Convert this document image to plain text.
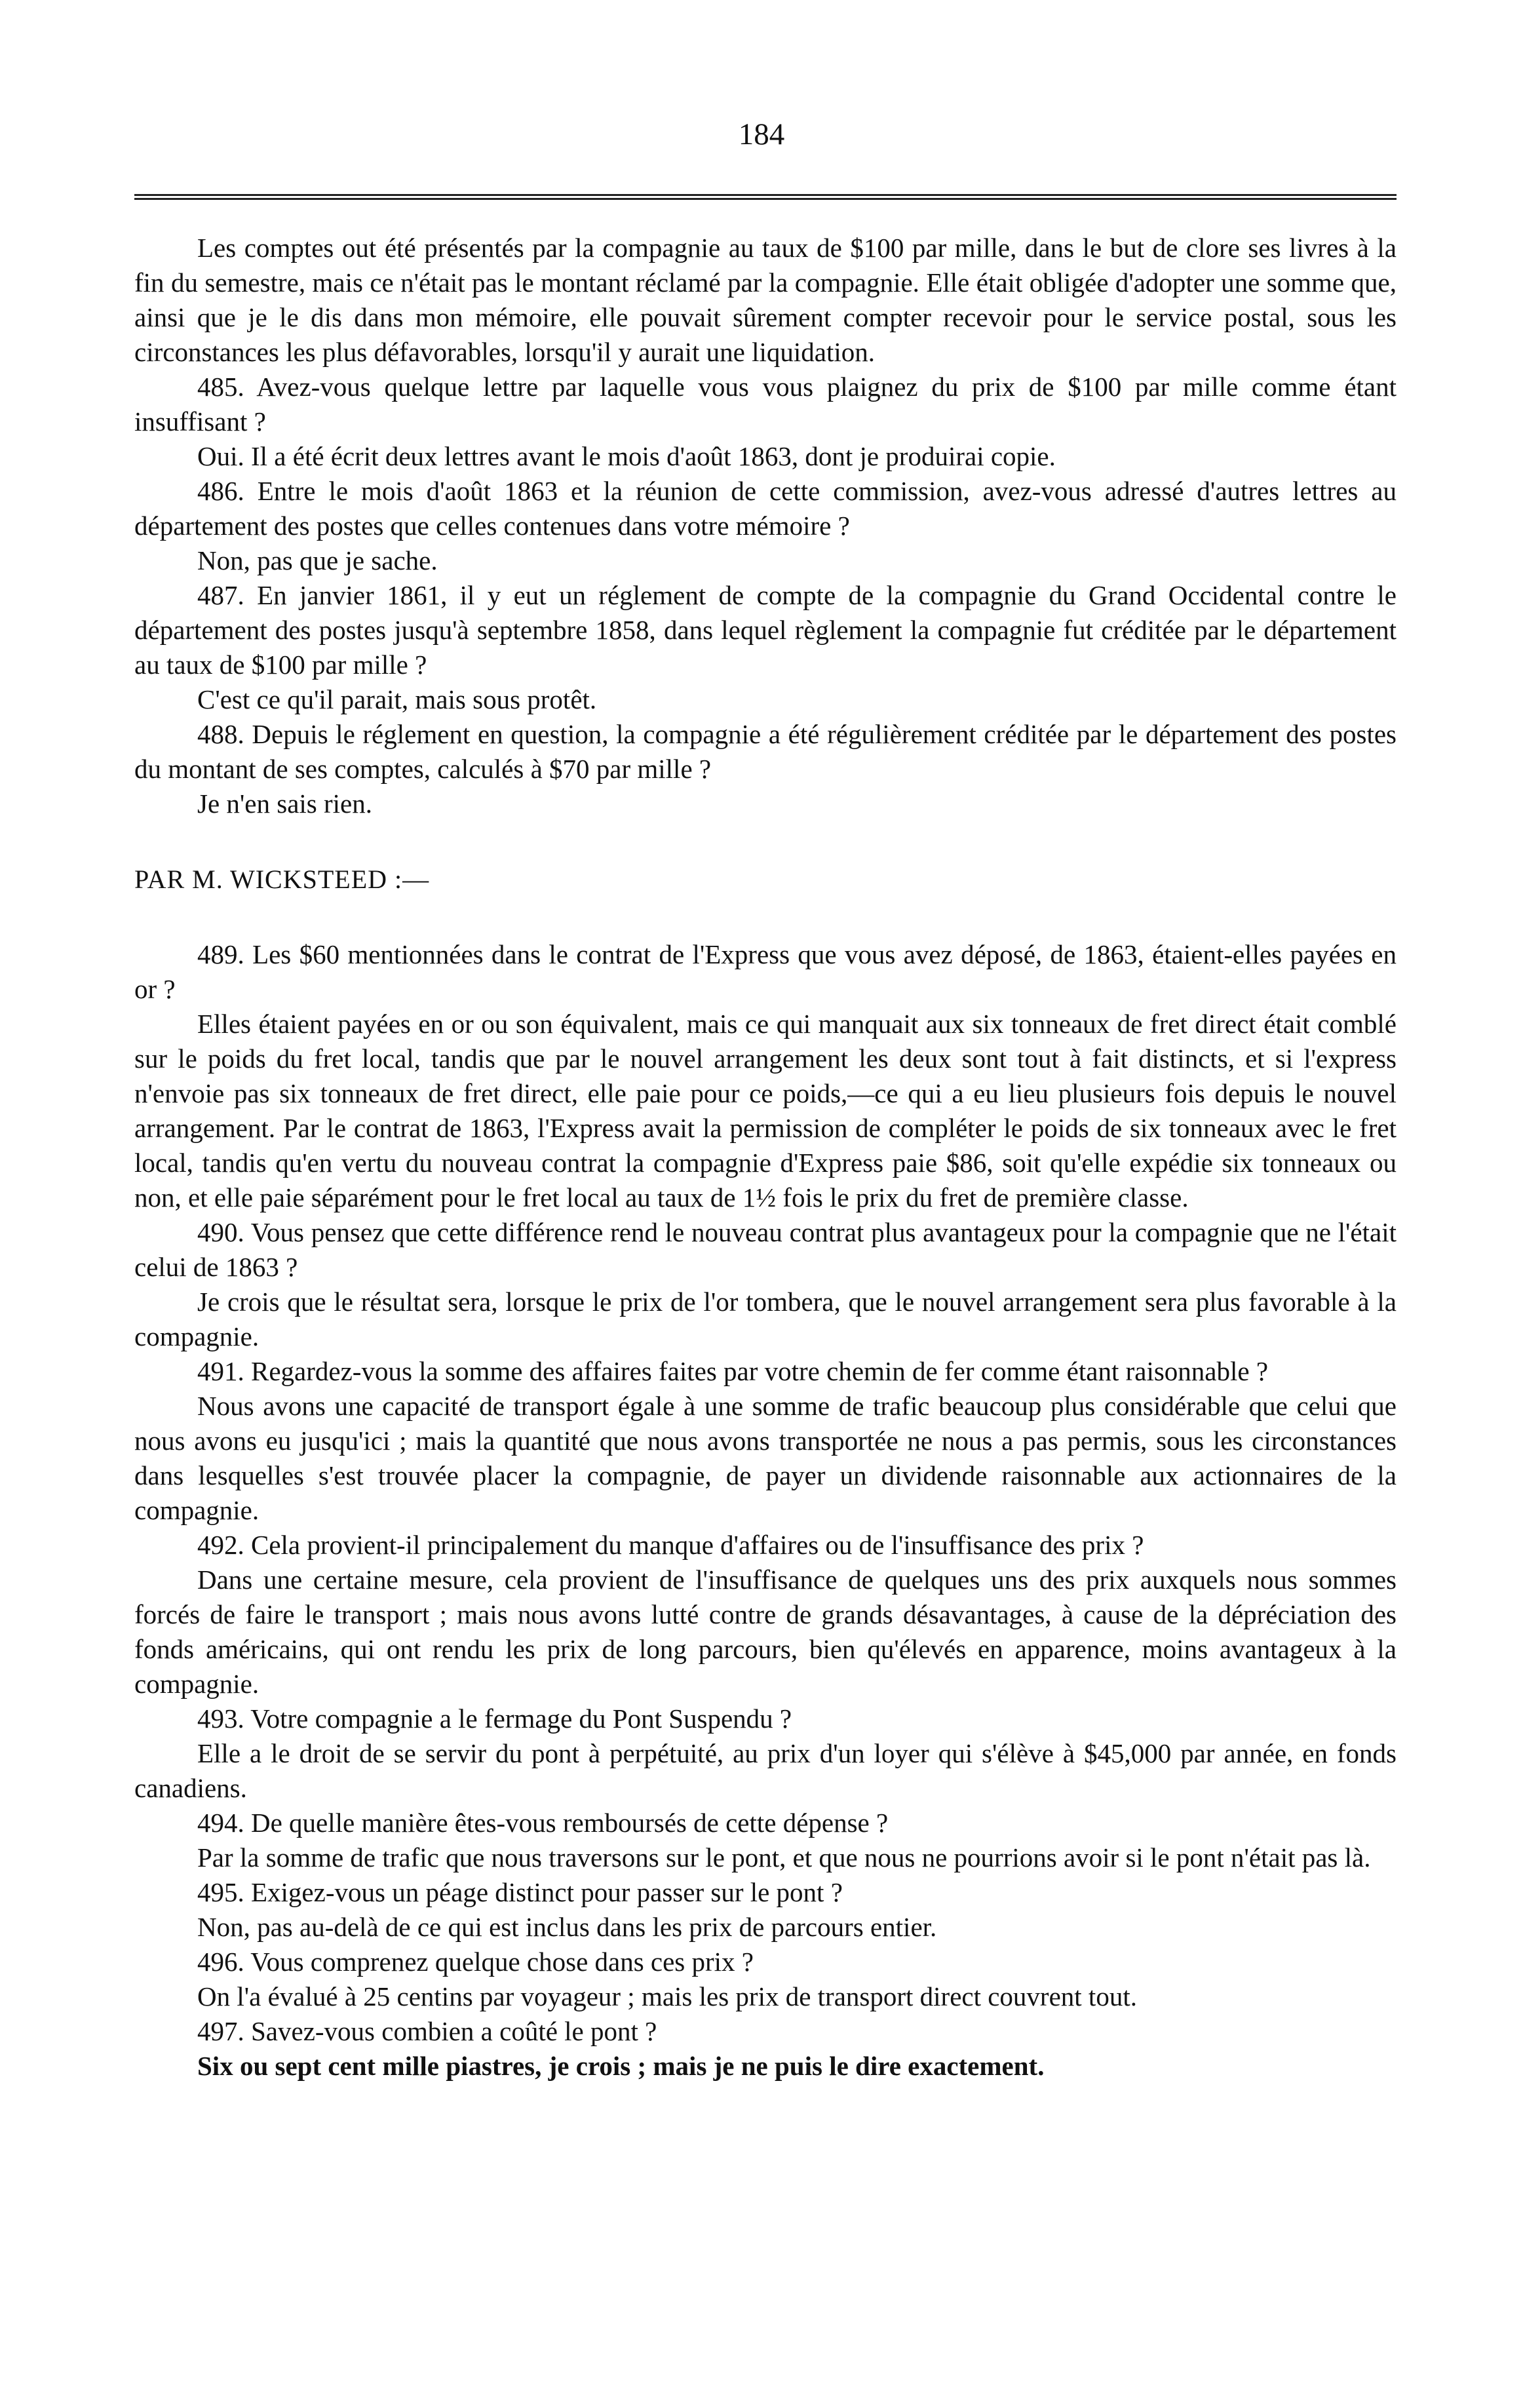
184

Les comptes out été présentés par la compagnie au taux de $100 par mille, dans le but de clore ses livres à la fin du semestre, mais ce n'était pas le montant réclamé par la compagnie. Elle était obligée d'adopter une somme que, ainsi que je le dis dans mon mémoire, elle pouvait sûrement compter recevoir pour le service postal, sous les circonstances les plus défavorables, lorsqu'il y aurait une liquidation.

485. Avez-vous quelque lettre par laquelle vous vous plaignez du prix de $100 par mille comme étant insuffisant ?

Oui. Il a été écrit deux lettres avant le mois d'août 1863, dont je produirai copie.

486. Entre le mois d'août 1863 et la réunion de cette commission, avez-vous adressé d'autres lettres au département des postes que celles contenues dans votre mémoire ?

Non, pas que je sache.

487. En janvier 1861, il y eut un réglement de compte de la compagnie du Grand Occidental contre le département des postes jusqu'à septembre 1858, dans lequel règlement la compagnie fut créditée par le département au taux de $100 par mille ?

C'est ce qu'il parait, mais sous protêt.

488. Depuis le réglement en question, la compagnie a été régulièrement créditée par le département des postes du montant de ses comptes, calculés à $70 par mille ?

Je n'en sais rien.

PAR M. WICKSTEED :—

489. Les $60 mentionnées dans le contrat de l'Express que vous avez déposé, de 1863, étaient-elles payées en or ?

Elles étaient payées en or ou son équivalent, mais ce qui manquait aux six tonneaux de fret direct était comblé sur le poids du fret local, tandis que par le nouvel arrangement les deux sont tout à fait distincts, et si l'express n'envoie pas six tonneaux de fret direct, elle paie pour ce poids,—ce qui a eu lieu plusieurs fois depuis le nouvel arrangement. Par le contrat de 1863, l'Express avait la permission de compléter le poids de six tonneaux avec le fret local, tandis qu'en vertu du nouveau contrat la compagnie d'Express paie $86, soit qu'elle expédie six tonneaux ou non, et elle paie séparément pour le fret local au taux de 1½ fois le prix du fret de première classe.

490. Vous pensez que cette différence rend le nouveau contrat plus avantageux pour la compagnie que ne l'était celui de 1863 ?

Je crois que le résultat sera, lorsque le prix de l'or tombera, que le nouvel arrangement sera plus favorable à la compagnie.

491. Regardez-vous la somme des affaires faites par votre chemin de fer comme étant raisonnable ?

Nous avons une capacité de transport égale à une somme de trafic beaucoup plus considérable que celui que nous avons eu jusqu'ici ; mais la quantité que nous avons transportée ne nous a pas permis, sous les circonstances dans lesquelles s'est trouvée placer la compagnie, de payer un dividende raisonnable aux actionnaires de la compagnie.

492. Cela provient-il principalement du manque d'affaires ou de l'insuffisance des prix ?

Dans une certaine mesure, cela provient de l'insuffisance de quelques uns des prix auxquels nous sommes forcés de faire le transport ; mais nous avons lutté contre de grands désavantages, à cause de la dépréciation des fonds américains, qui ont rendu les prix de long parcours, bien qu'élevés en apparence, moins avantageux à la compagnie.

493. Votre compagnie a le fermage du Pont Suspendu ?

Elle a le droit de se servir du pont à perpétuité, au prix d'un loyer qui s'élève à $45,000 par année, en fonds canadiens.

494. De quelle manière êtes-vous remboursés de cette dépense ?

Par la somme de trafic que nous traversons sur le pont, et que nous ne pourrions avoir si le pont n'était pas là.

495. Exigez-vous un péage distinct pour passer sur le pont ?

Non, pas au-delà de ce qui est inclus dans les prix de parcours entier.

496. Vous comprenez quelque chose dans ces prix ?

On l'a évalué à 25 centins par voyageur ; mais les prix de transport direct couvrent tout.

497. Savez-vous combien a coûté le pont ?

Six ou sept cent mille piastres, je crois ; mais je ne puis le dire exactement.
